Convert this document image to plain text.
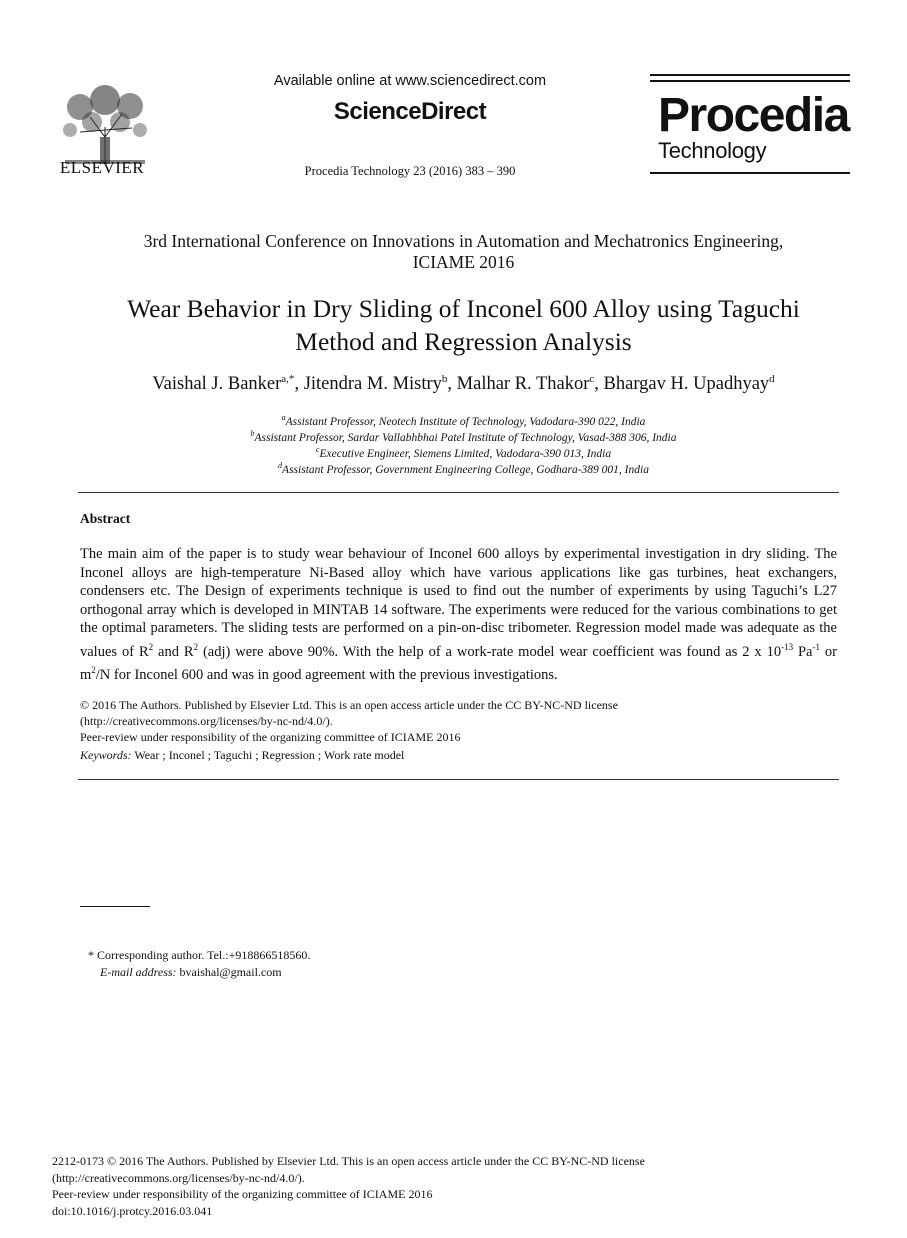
ELSEVIER
Available online at www.sciencedirect.com
ScienceDirect
Procedia Technology 23 (2016) 383 – 390
Procedia
Technology
3rd International Conference on Innovations in Automation and Mechatronics Engineering,
ICIAME 2016
Wear Behavior in Dry Sliding of Inconel 600 Alloy using Taguchi
Method and Regression Analysis
Vaishal J. Banker$^{a,*}$, Jitendra M. Mistry$^b$, Malhar R. Thakor$^c$, Bhargav H. Upadhyay$^d$
$^a$Assistant Professor, Neotech Institute of Technology, Vadodara-390 022, India
$^b$Assistant Professor, Sardar Vallabhbhai Patel Institute of Technology, Vasad-388 306, India
$^c$Executive Engineer, Siemens Limited, Vadodara-390 013, India
$^d$Assistant Professor, Government Engineering College, Godhara-389 001, India
Abstract
The main aim of the paper is to study wear behaviour of Inconel 600 alloys by experimental investigation in dry sliding. The Inconel alloys are high-temperature Ni-Based alloy which have various applications like gas turbines, heat exchangers, condensers etc. The Design of experiments technique is used to find out the number of experiments by using Taguchi’s L27 orthogonal array which is developed in MINTAB 14 software. The experiments were reduced for the various combinations to get the optimal parameters. The sliding tests are performed on a pin-on-disc tribometer. Regression model made was adequate as the values of $R^2$ and $R^2$ (adj) were above 90%. With the help of a work-rate model wear coefficient was found as 2 x $10^{-13}$ $Pa^{-1}$ or $m^2/N$ for Inconel 600 and was in good agreement with the previous investigations.
© 2016 The Authors. Published by Elsevier Ltd. This is an open access article under the CC BY-NC-ND license
(http://creativecommons.org/licenses/by-nc-nd/4.0/).
Peer-review under responsibility of the organizing committee of ICIAME 2016
Keywords: Wear ; Inconel ; Taguchi ; Regression ; Work rate model
* Corresponding author. Tel.:+918866518560.
E-mail address: bvaishal@gmail.com
2212-0173 © 2016 The Authors. Published by Elsevier Ltd. This is an open access article under the CC BY-NC-ND license
(http://creativecommons.org/licenses/by-nc-nd/4.0/).
Peer-review under responsibility of the organizing committee of ICIAME 2016
doi:10.1016/j.protcy.2016.03.041
